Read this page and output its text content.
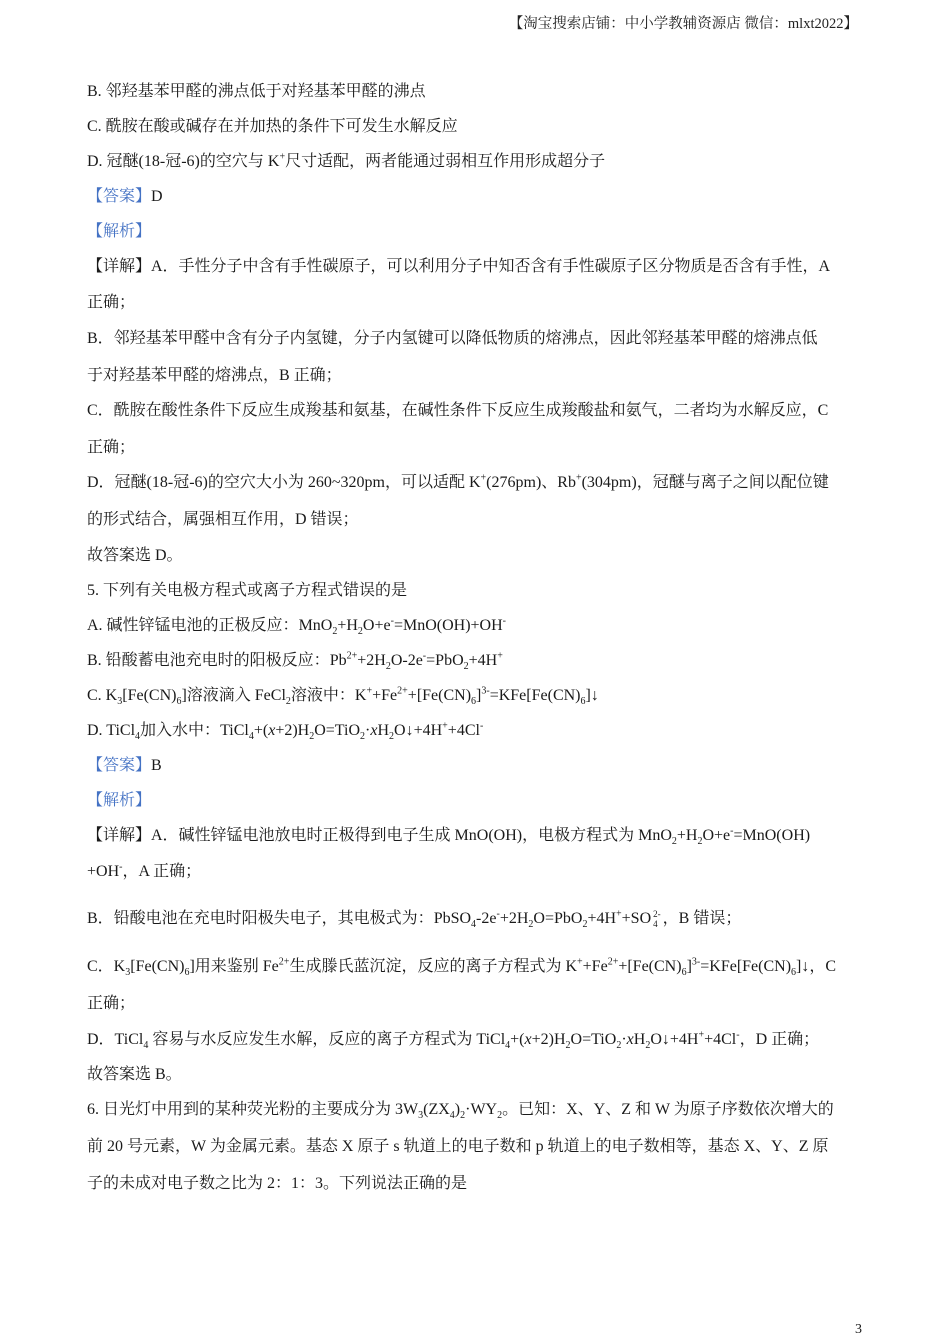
【淘宝搜索店铺：中小学教辅资源店 微信：mlxt2022】
B. 邻羟基苯甲醛的沸点低于对羟基苯甲醛的沸点
C. 酰胺在酸或碱存在并加热的条件下可发生水解反应
D. 冠醚(18-冠-6)的空穴与 K+尺寸适配，两者能通过弱相互作用形成超分子
【答案】D
【解析】
【详解】A．手性分子中含有手性碳原子，可以利用分子中知否含有手性碳原子区分物质是否含有手性，A
正确；
B．邻羟基苯甲醛中含有分子内氢键，分子内氢键可以降低物质的熔沸点，因此邻羟基苯甲醛的熔沸点低
于对羟基苯甲醛的熔沸点，B 正确；
C．酰胺在酸性条件下反应生成羧基和氨基，在碱性条件下反应生成羧酸盐和氨气，二者均为水解反应，C
正确；
D．冠醚(18-冠-6)的空穴大小为 260~320pm，可以适配 K+(276pm)、Rb+(304pm)，冠醚与离子之间以配位键
的形式结合，属强相互作用，D 错误；
故答案选 D。
5. 下列有关电极方程式或离子方程式错误的是
A. 碱性锌锰电池的正极反应：$MnO_2+H_2O+e^-=MnO(OH)+OH^-$
B. 铅酸蓄电池充电时的阳极反应：$Pb^{2+}+2H_2O-2e^-=PbO_2+4H^+$
C. $K_3[Fe(CN)_6]$溶液滴入 FeCl$_2$溶液中：$K^++Fe^{2+}+[Fe(CN)_6]^{3-}=KFe[Fe(CN)_6]↓$
D. TiCl$_4$加入水中：$TiCl_4+(x+2)H_2O=TiO_2\cdot xH_2O↓+4H^++4Cl^-$
【答案】B
【解析】
【详解】A．碱性锌锰电池放电时正极得到电子生成 MnO(OH)，电极方程式为 $MnO_2+H_2O+e^-=MnO(OH)$
+OH-，A 正确；
B．铅酸电池在充电时阳极失电子，其电极式为：$PbSO_4-2e^-+2H_2O=PbO_2+4H^++SO$ 2-
4 ，B 错误；
C．$K_3[Fe(CN)_6]$用来鉴别 $Fe^{2+}$生成滕氏蓝沉淀，反应的离子方程式为 $K^++Fe^{2+}+[Fe(CN)_6]^{3-}=KFe[Fe(CN)_6]↓$，C
正确；
D．TiCl$_4$ 容易与水反应发生水解，反应的离子方程式为 $TiCl_4+(x+2)H_2O=TiO_2\cdot xH_2O↓+4H^++4Cl^-$，D 正确；
故答案选 B。
6. 日光灯中用到的某种荧光粉的主要成分为 $3W_3(ZX_4)_2\cdot WY_2$。已知：X、Y、Z 和 W 为原子序数依次增大的
前 20 号元素，W 为金属元素。基态 X 原子 s 轨道上的电子数和 p 轨道上的电子数相等，基态 X、Y、Z 原
子的未成对电子数之比为 2：1：3。下列说法正确的是
3
